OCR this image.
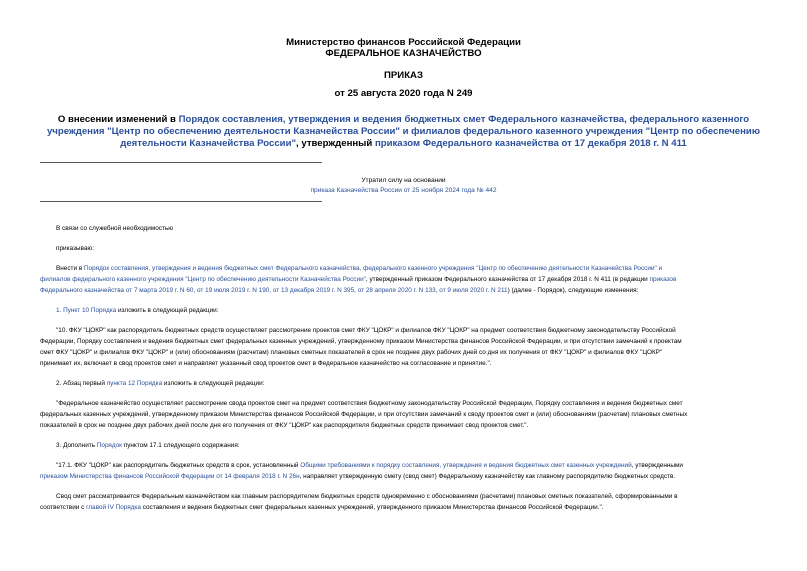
Министерство финансов Российской Федерации
ФЕДЕРАЛЬНОЕ КАЗНАЧЕЙСТВО
ПРИКАЗ
от 25 августа 2020 года N 249
О внесении изменений в Порядок составления, утверждения и ведения бюджетных смет Федерального казначейства, федерального казенного учреждения "Центр по обеспечению деятельности Казначейства России" и филиалов федерального казенного учреждения "Центр по обеспечению деятельности Казначейства России", утвержденный приказом Федерального казначейства от 17 декабря 2018 г. N 411
Утратил силу на основании
приказа Казначейства России от 25 ноября 2024 года № 442
В связи со служебной необходимостью
приказываю:
Внести в Порядок составления, утверждения и ведения бюджетных смет Федерального казначейства, федерального казенного учреждения "Центр по обеспечению деятельности Казначейства России" и
филиалов федерального казенного учреждения "Центр по обеспечению деятельности Казначейства России", утвержденный приказом Федерального казначейства от 17 декабря 2018 г. N 411 (в редакции приказов
Федерального казначейства от 7 марта 2019 г. N 60, от 19 июля 2019 г. N 190, от 13 декабря 2019 г. N 395, от 28 апреля 2020 г. N 133, от 9 июля 2020 г. N 211) (далее - Порядок), следующие изменения:
1. Пункт 10 Порядка изложить в следующей редакции:
"10. ФКУ "ЦОКР" как распорядитель бюджетных средств осуществляет рассмотрение проектов смет ФКУ "ЦОКР" и филиалов ФКУ "ЦОКР" на предмет соответствия бюджетному законодательству Российской
Федерации, Порядку составления и ведения бюджетных смет федеральных казенных учреждений, утвержденному приказом Министерства финансов Российской Федерации, и при отсутствии замечаний к проектам
смет ФКУ "ЦОКР" и филиалов ФКУ "ЦОКР" и (или) обоснованиям (расчетам) плановых сметных показателей в срок не позднее двух рабочих дней со дня их получения от ФКУ "ЦОКР" и филиалов ФКУ "ЦОКР"
принимает их, включает в свод проектов смет и направляет указанный свод проектов смет в Федеральное казначейство на согласование и принятие.".
2. Абзац первый пункта 12 Порядка изложить в следующей редакции:
"Федеральное казначейство осуществляет рассмотрение свода проектов смет на предмет соответствия бюджетному законодательству Российской Федерации, Порядку составления и ведения бюджетных смет
федеральных казенных учреждений, утвержденному приказом Министерства финансов Российской Федерации, и при отсутствии замечаний к своду проектов смет и (или) обоснованиям (расчетам) плановых сметных
показателей в срок не позднее двух рабочих дней после дня его получения от ФКУ "ЦОКР" как распорядителя бюджетных средств принимает свод проектов смет.".
3. Дополнить Порядок пунктом 17.1 следующего содержания:
"17.1. ФКУ "ЦОКР" как распорядитель бюджетных средств в срок, установленный Общими требованиями к порядку составления, утверждения и ведения бюджетных смет казенных учреждений, утвержденными
приказом Министерства финансов Российской Федерации от 14 февраля 2018 г. N 26н, направляет утвержденную смету (свод смет) Федеральному казначейству как главному распорядителю бюджетных средств.
Свод смет рассматривается Федеральным казначейством как главным распорядителем бюджетных средств одновременно с обоснованиями (расчетами) плановых сметных показателей, сформированными в
соответствии с главой IV Порядка составления и ведения бюджетных смет федеральных казенных учреждений, утвержденного приказом Министерства финансов Российской Федерации.".
